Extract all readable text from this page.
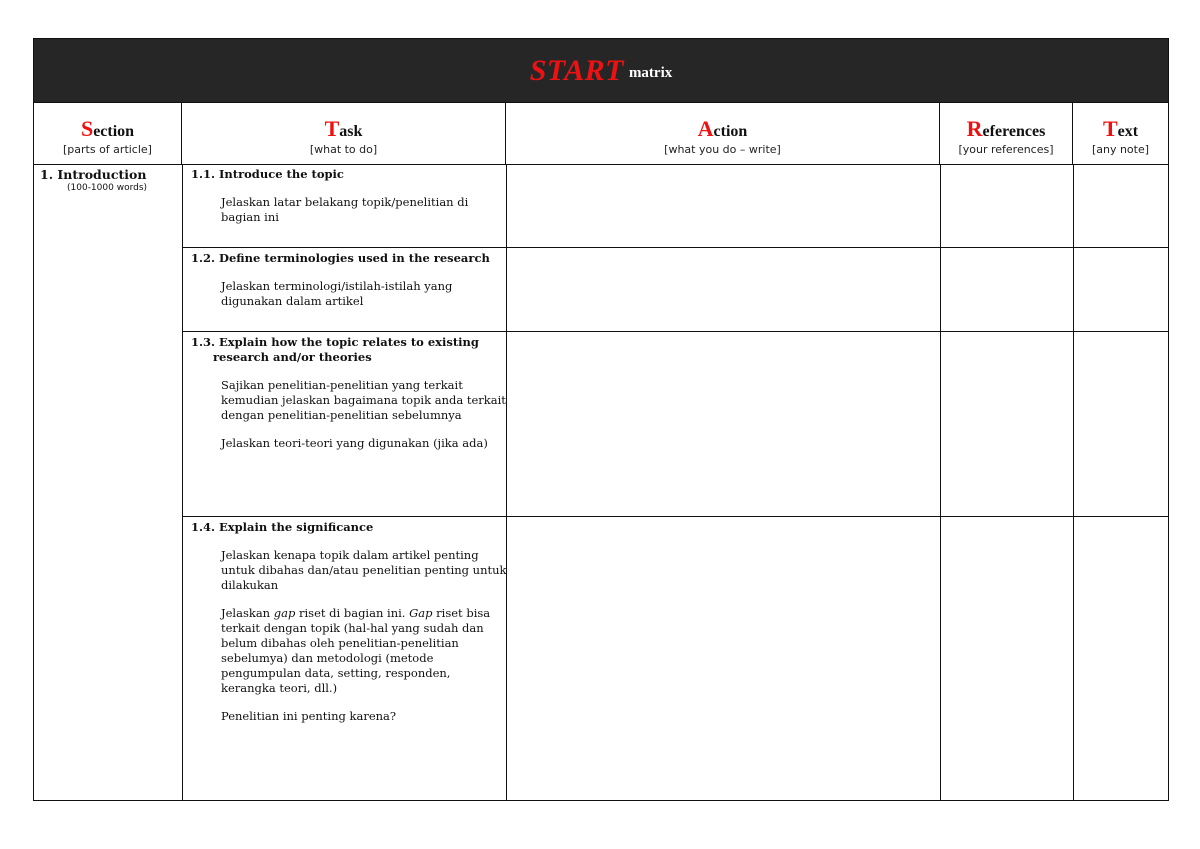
START matrix
Section
[parts of article]
Task
[what to do]
Action
[what you do – write]
References
[your references]
Text
[any note]
1. Introduction
(100-1000 words)
1.1. Introduce the topic
Jelaskan latar belakang topik/penelitian di bagian ini
1.2. Define terminologies used in the research
Jelaskan terminologi/istilah-istilah yang digunakan dalam artikel
1.3. Explain how the topic relates to existing research and/or theories
Sajikan penelitian-penelitian yang terkait kemudian jelaskan bagaimana topik anda terkait dengan penelitian-penelitian sebelumnya
Jelaskan teori-teori yang digunakan (jika ada)
1.4. Explain the significance
Jelaskan kenapa topik dalam artikel penting untuk dibahas dan/atau penelitian penting untuk dilakukan
Jelaskan gap riset di bagian ini. Gap riset bisa terkait dengan topik (hal-hal yang sudah dan belum dibahas oleh penelitian-penelitian sebelumya) dan metodologi (metode pengumpulan data, setting, responden, kerangka teori, dll.)
Penelitian ini penting karena?
